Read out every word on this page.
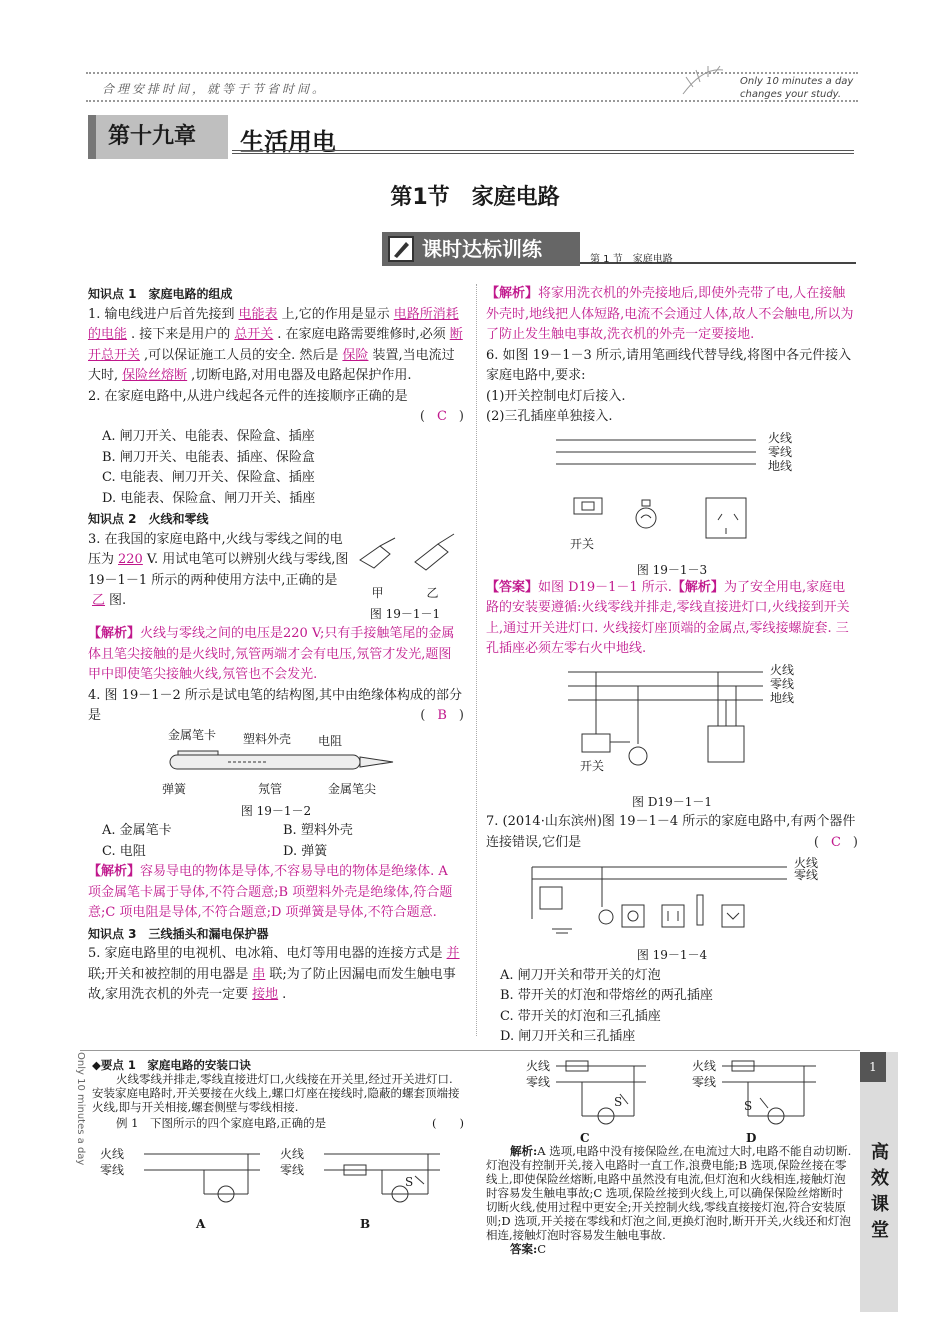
合理安排时间，就等于节省时间。
Only 10 minutes a day
changes your study.
第十九章	生活用电
第1节　家庭电路
课时达标训练	第 1 节　家庭电路
知识点 1　家庭电路的组成
1. 输电线进户后首先接到 电能表 上,它的作用是显示 电路所消耗的电能 . 接下来是用户的 总开关 . 在家庭电路需要维修时,必须 断开总开关 ,可以保证施工人员的安全. 然后是 保险 装置,当电流过大时, 保险丝熔断 ,切断电路,对用电器及电路起保护作用.
2. 在家庭电路中,从进户线起各元件的连接顺序正确的是
( C )
A. 闸刀开关、电能表、保险盒、插座
B. 闸刀开关、电能表、插座、保险盒
C. 电能表、闸刀开关、保险盒、插座
D. 电能表、保险盒、闸刀开关、插座
知识点 2　火线和零线
3. 在我国的家庭电路中,火线与零线之间的电压为 220 V. 用试电笔可以辨别火线与零线,图 19－1－1 所示的两种使用方法中,正确的是乙 图.	甲	乙
图 19－1－1
【解析】火线与零线之间的电压是220 V;只有手接触笔尾的金属体且笔尖接触的是火线时,氖管两端才会有电压,氖管才发光,题图甲中即使笔尖接触火线,氖管也不会发光.
4. 图 19－1－2 所示是试电笔的结构图,其中由绝缘体构成的部分是	( B )
金属笔卡 塑料外壳 电阻
弹簧	氖管	金属笔尖
图 19－1－2
A. 金属笔卡	B. 塑料外壳
C. 电阻	D. 弹簧
【解析】容易导电的物体是导体,不容易导电的物体是绝缘体. A 项金属笔卡属于导体,不符合题意;B 项塑料外壳是绝缘体,符合题意;C 项电阻是导体,不符合题意;D 项弹簧是导体,不符合题意.
知识点 3　三线插头和漏电保护器
5. 家庭电路里的电视机、电冰箱、电灯等用电器的连接方式是 并联;开关和被控制的用电器是 串 联;为了防止因漏电而发生触电事故,家用洗衣机的外壳一定要 接地 .
【解析】将家用洗衣机的外壳接地后,即使外壳带了电,人在接触外壳时,地线把人体短路,电流不会通过人体,故人不会触电,所以为了防止发生触电事故,洗衣机的外壳一定要接地.
6. 如图 19－1－3 所示,请用笔画线代替导线,将图中各元件接入家庭电路中,要求:
(1)开关控制电灯后接入.
(2)三孔插座单独接入.
火线
零线
地线
开关
图 19－1－3
【答案】如图 D19－1－1 所示.【解析】为了安全用电,家庭电路的安装要遵循:火线零线并排走,零线直接进灯口,火线接到开关上,通过开关进灯口. 火线接灯座顶端的金属点,零线接螺旋套. 三孔插座必须左零右火中地线.
火线
零线
地线
开关
图 D19－1－1
7. (2014·山东滨州)图 19－1－4 所示的家庭电路中,有两个器件连接错误,它们是	( C )
火线
零线
图 19－1－4
A. 闸刀开关和带开关的灯泡
B. 带开关的灯泡和带熔丝的两孔插座
C. 带开关的灯泡和三孔插座
D. 闸刀开关和三孔插座
Only 10 minutes a day ◆要点 1　家庭电路的安装口诀
火线零线并排走,零线直接进灯口,火线接在开关里,经过开关进灯口. 安装家庭电路时,开关要接在火线上,螺口灯座在接线时,隐蔽的螺套顶端接火线,即与开关相接,螺套侧壁与零线相接.
例 1　下图所示的四个家庭电路,正确的是	(　　)
火线
零线
火线
零线
S
A	B
火线
零线
火线
零线
S	S
C	D
解析:A 选项,电路中没有接保险丝,在电流过大时,电路不能自动切断. 灯泡没有控制开关,接入电路时一直工作,浪费电能;B 选项,保险丝接在零线上,即使保险丝熔断,电路中虽然没有电流,但灯泡和火线相连,接触灯泡时容易发生触电事故;C 选项,保险丝接到火线上,可以确保保险丝熔断时切断火线,使用过程中更安全;开关控制火线,零线直接接灯泡,符合安装原则;D 选项,开关接在零线和灯泡之间,更换灯泡时,断开开关,火线还和灯泡相连,接触灯泡时容易发生触电事故.
答案:C
1
高
效
课
堂
